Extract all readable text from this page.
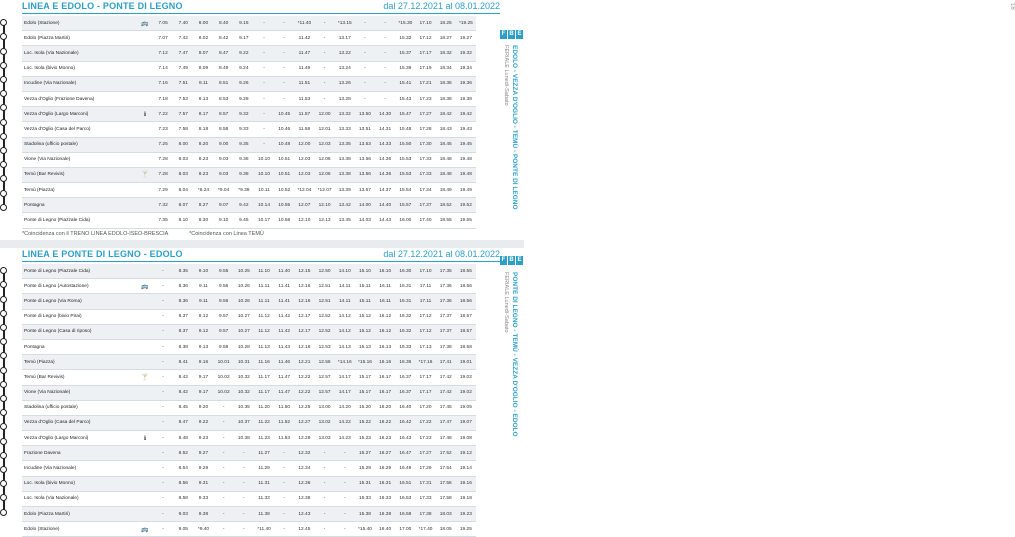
LINEA E EDOLO - PONTE DI LEGNO	dal 27.12.2021 al 08.01.2022
Edolo (Stazione)	🚌	7.05	7.40	8.00	8.40	9.15	-	-	*11.40	-	*13.15	-	-	*15.30	17.10	18.25	*19.25
Edolo (Piazza Martiri)		7.07	7.42	8.02	8.42	9.17	-	-	11.42	-	13.17	-	-	15.32	17.12	18.27	19.27
Loc. Isola (Via Nazionale)		7.12	7.47	8.07	8.47	9.22	-	-	11.47	-	13.22	-	-	15.37	17.17	18.32	19.32
Loc. Isola (bivio Monno)		7.14	7.49	8.09	8.49	9.24	-	-	11.49	-	13.24	-	-	15.39	17.19	18.34	19.34
Incudine (Via Nazionale)		7.16	7.51	8.11	8.51	9.26	-	-	11.51	-	13.26	-	-	15.41	17.21	18.36	19.36
Vezza d'Oglio (Frazione Davena)		7.18	7.53	8.13	8.53	9.28	-	-	11.53	-	13.28	-	-	15.43	17.23	18.38	19.38
Vezza d'Oglio (Largo Marconi)	ℹ	7.22	7.57	8.17	8.57	9.32	-	10.45	11.57	12.00	13.32	13.50	14.30	15.47	17.27	18.42	19.42
Vezza d'Oglio (Casa del Parco)		7.23	7.58	8.18	8.58	9.33	-	10.46	11.58	12.01	13.33	13.51	14.31	15.48	17.28	18.43	19.43
Stadolina (ufficio postale)		7.25	8.00	8.20	9.00	9.35	-	10.48	12.00	12.03	13.35	13.53	14.33	15.50	17.30	18.45	19.45
Vione (Via Nazionale)		7.28	8.03	8.23	9.03	9.38	10.10	10.51	12.03	12.06	13.38	13.56	14.36	15.53	17.33	18.48	19.48
Temù (Bar Revivis)	🍸	7.28	8.03	8.23	9.03	9.38	10.10	10.51	12.03	12.06	13.38	13.56	14.36	15.53	17.33	18.48	19.48
Temù (Piazza)		7.29	8.04	*8.24	*9.04	*9.39	10.11	10.52	*12.04	*12.07	13.39	13.57	14.37	15.54	17.34	18.49	19.49
Pontagna		7.32	8.07	8.27	9.07	9.42	10.14	10.55	12.07	12.10	13.42	14.00	14.40	15.57	17.37	18.52	19.52
Ponte di Legno (Piazzale Cida)		7.35	8.10	8.30	9.10	9.45	10.17	10.58	12.10	12.13	13.45	14.03	14.43	16.00	17.40	18.55	19.55
*Coincidenza con il TRENO LINEA EDOLO-ISEO-BRESCIA	*Coincidenza con Linea TEMÙ
18
F B E
EDOLO - VEZZA D'OGLIO - TEMÙ - PONTE DI LEGNO
FERIALE Lunedì-Sabato
LINEA E PONTE DI LEGNO - EDOLO	dal 27.12.2021 al 08.01.2022
Ponte di Legno (Piazzale Cida)		-	8.35	9.10	9.55	10.25	11.10	11.40	12.15	12.50	14.10	15.10	16.10	16.30	17.10	17.35	18.55
Ponte di Legno (Autostazione)	🚌	-	8.36	9.11	9.56	10.26	11.11	11.41	12.16	12.51	14.11	15.11	16.11	16.31	17.11	17.36	18.56
Ponte di Legno (Via Roma)		-	8.36	9.11	9.56	10.26	11.11	11.41	12.16	12.51	14.11	15.11	16.11	16.31	17.11	17.36	18.56
Ponte di Legno (bivio Pirai)		-	8.37	9.12	9.57	10.27	11.12	11.42	12.17	12.52	14.12	15.12	16.12	16.32	17.12	17.37	18.57
Ponte di Legno (Casa di riposo)		-	8.37	9.12	9.57	10.27	11.12	11.42	12.17	12.52	14.12	15.12	16.12	16.32	17.12	17.37	18.57
Pontagna		-	8.38	9.13	9.58	10.28	11.13	11.43	12.18	12.53	14.13	15.13	16.13	16.33	17.13	17.38	18.58
Temù (Piazza)		-	8.41	9.16	10.01	10.31	11.16	11.46	12.21	12.56	*14.16	*15.16	16.16	16.36	*17.16	17.41	19.01
Temù (Bar Revivis)	🍸	-	8.42	9.17	10.02	10.32	11.17	11.47	12.22	12.57	14.17	15.17	16.17	16.37	17.17	17.42	19.02
Vione (Via Nazionale)		-	8.42	9.17	10.02	10.32	11.17	11.47	12.22	12.57	14.17	15.17	16.17	16.37	17.17	17.42	19.02
Stadolina (ufficio postale)		-	8.45	9.20	-	10.35	11.20	11.50	12.25	13.00	14.20	15.20	16.20	16.40	17.20	17.45	19.05
Vezza d'Oglio (Casa del Parco)		-	8.47	9.22	-	10.37	11.22	11.52	12.27	13.02	14.22	15.22	16.22	16.42	17.22	17.47	19.07
Vezza d'Oglio (Largo Marconi)	ℹ	-	8.48	9.23	-	10.38	11.23	11.53	12.28	13.03	14.23	15.23	16.23	16.43	17.23	17.48	19.08
Frazione Davena		-	8.52	9.27	-	-	11.27	-	12.32	-	-	15.27	16.27	16.47	17.27	17.52	19.12
Incudine (Via Nazionale)		-	8.54	9.29	-	-	11.29	-	12.34	-	-	15.29	16.29	16.49	17.29	17.54	19.14
Loc. Isola (bivio Monno)		-	8.56	9.31	-	-	11.31	-	12.36	-	-	15.31	16.31	16.51	17.31	17.56	19.16
Loc. Isola (Via Nazionale)		-	8.58	9.33	-	-	11.33	-	12.38	-	-	15.33	16.33	16.53	17.33	17.58	19.18
Edolo (Piazza Martiri)		-	9.03	9.38	-	-	11.38	-	12.43	-	-	15.38	16.38	16.58	17.38	18.03	19.23
Edolo (Stazione)	🚌	-	9.05	*9.40	-	-	*11.40	-	12.45	-	-	*15.40	16.40	17.00	*17.40	18.05	19.25
F B E
PONTE DI LEGNO - TEMÙ - VEZZA D'OGLIO - EDOLO
FERIALE Lunedì-Sabato
